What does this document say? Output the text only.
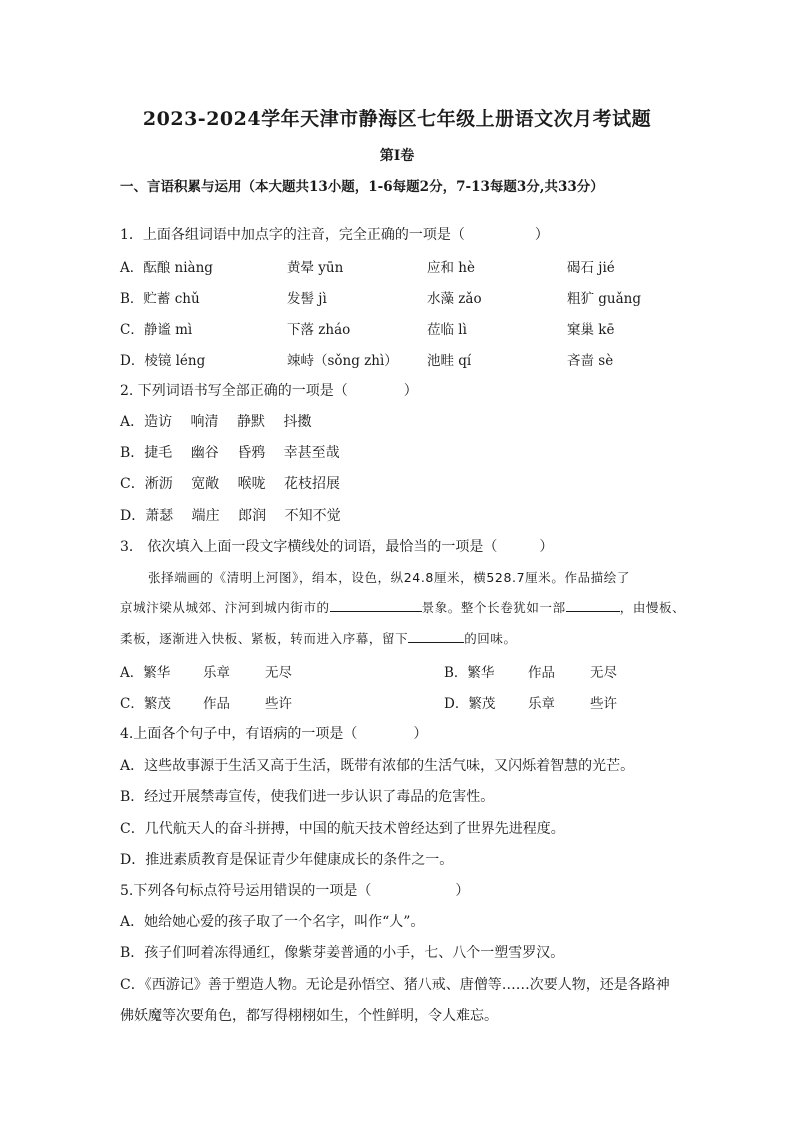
2023-2024学年天津市静海区七年级上册语文次月考试题
第Ⅰ卷
一、言语积累与运用（本大题共13小题，1-6每题2分，7-13每题3分,共33分）
1．上面各组词语中加点字的注音，完全正确的一项是（　　　　　）
A．酝酿 niàng	黄晕 yūn	应和 hè	碣石 jié
B．贮蓄 chǔ	发髻 jì	水藻 zǎo	粗犷 guǎng
C．静谧 mì	下落 zháo	莅临 lì	窠巢 kē
D．棱镜 léng	竦峙（sǒng zhì） 池畦 qí	吝啬 sè
2. 下列词语书写全部正确的一项是（　　　　）
A．造访　 响清　 静默　 抖擞
B．捷毛　 幽谷　 昏鸦　 幸甚至哉
C．淅沥　 宽敞　 喉咙　 花枝招展
D．萧瑟　 端庄　 郎润　 不知不觉
3． 依次填入上面一段文字横线处的词语，最恰当的一项是（　　　）
张择端画的《清明上河图》，绢本，设色，纵24.8厘米，横528.7厘米。作品描绘了
京城汴梁从城郊、汴河到城内街市的	景象。整个长卷犹如一部	，由慢板、
柔板，逐渐进入快板、紧板，转而进入序幕，留下	的回味。
A．繁华 乐章	无尽	B．繁华 作品	无尽
C．繁茂 作品	些许	D．繁茂 乐章	些许
4.上面各个句子中，有语病的一项是（　　　　）
A．这些故事源于生活又高于生活，既带有浓郁的生活气味，又闪烁着智慧的光芒。
B．经过开展禁毒宣传，使我们进一步认识了毒品的危害性。
C．几代航天人的奋斗拼搏，中国的航天技术曾经达到了世界先进程度。
D．推进素质教育是保证青少年健康成长的条件之一。
5.下列各句标点符号运用错误的一项是（　　　　　　）
A．她给她心爱的孩子取了一个名字，叫作“人”。
B．孩子们呵着冻得通红，像紫芽姜普通的小手，七、八个一塑雪罗汉。
C．《西游记》善于塑造人物。无论是孙悟空、猪八戒、唐僧等……次要人物，还是各路神
佛妖魔等次要角色，都写得栩栩如生，个性鲜明，令人难忘。
